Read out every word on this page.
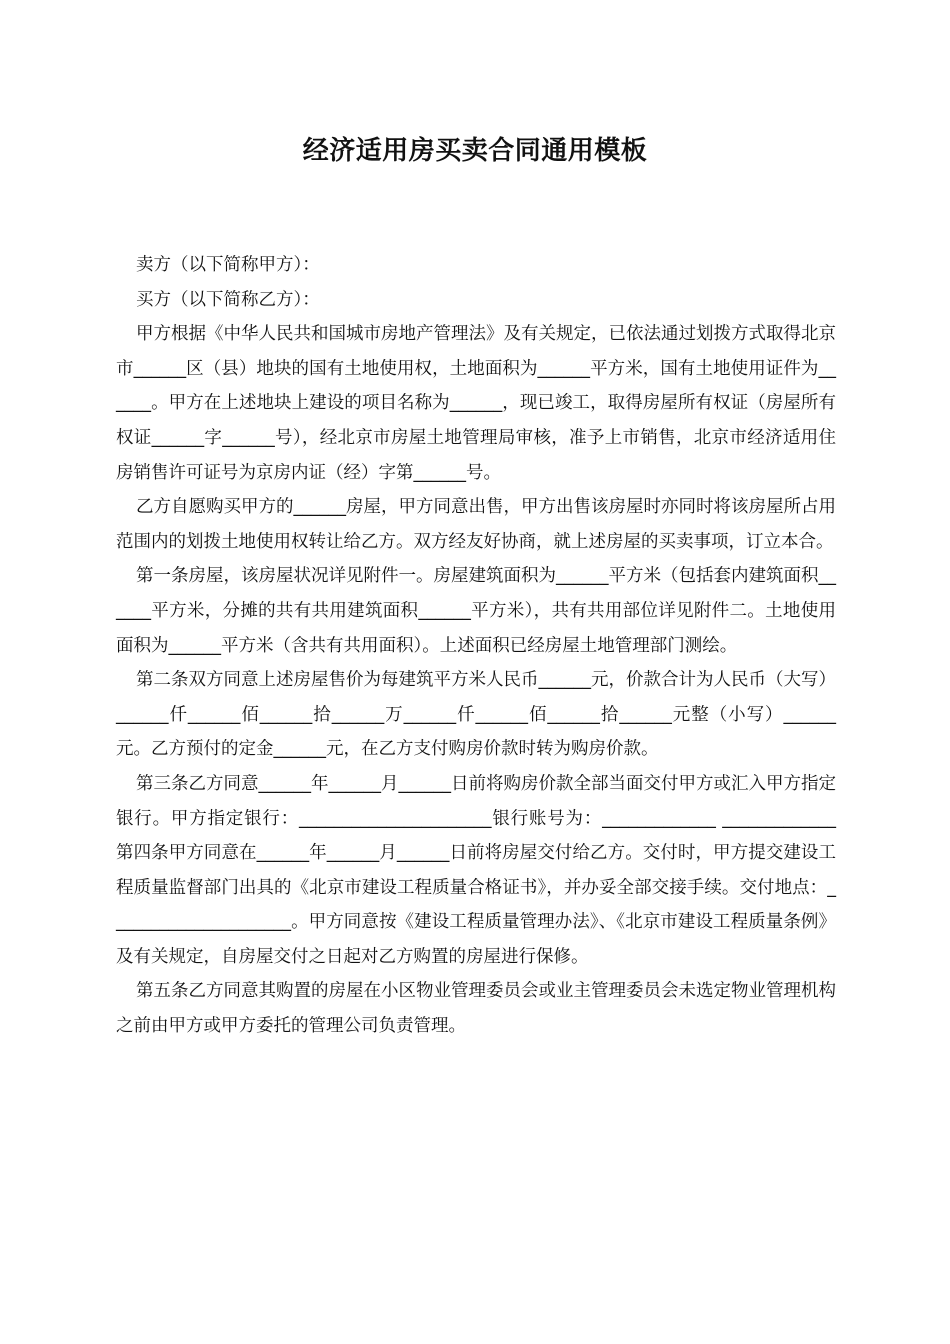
经济适用房买卖合同通用模板

卖方（以下简称甲方）：

买方（以下简称乙方）：

甲方根据《中华人民共和国城市房地产管理法》及有关规定，已依法通过划拨方式取得北京市______区（县）地块的国有土地使用权，土地面积为______平方米，国有土地使用证件为______。甲方在上述地块上建设的项目名称为______，现已竣工，取得房屋所有权证（房屋所有权证______字______号），经北京市房屋土地管理局审核，准予上市销售，北京市经济适用住房销售许可证号为京房内证（经）字第______号。

乙方自愿购买甲方的______房屋，甲方同意出售，甲方出售该房屋时亦同时将该房屋所占用范围内的划拨土地使用权转让给乙方。双方经友好协商，就上述房屋的买卖事项，订立本合。

第一条房屋，该房屋状况详见附件一。房屋建筑面积为______平方米（包括套内建筑面积______平方米，分摊的共有共用建筑面积______平方米），共有共用部位详见附件二。土地使用面积为______平方米（含共有共用面积）。上述面积已经房屋土地管理部门测绘。

第二条双方同意上述房屋售价为每建筑平方米人民币______元，价款合计为人民币（大写）______仟______佰______拾______万______仟______佰______拾______元整（小写）______元。乙方预付的定金______元，在乙方支付购房价款时转为购房价款。

第三条乙方同意______年______月______日前将购房价款全部当面交付甲方或汇入甲方指定银行。甲方指定银行：______________________银行账号为：_____________ _____________ 第四条甲方同意在______年______月______日前将房屋交付给乙方。交付时，甲方提交建设工程质量监督部门出具的《北京市建设工程质量合格证书》，并办妥全部交接手续。交付地点：_____________________。甲方同意按《建设工程质量管理办法》、《北京市建设工程质量条例》及有关规定，自房屋交付之日起对乙方购置的房屋进行保修。

第五条乙方同意其购置的房屋在小区物业管理委员会或业主管理委员会未选定物业管理机构之前由甲方或甲方委托的管理公司负责管理。
